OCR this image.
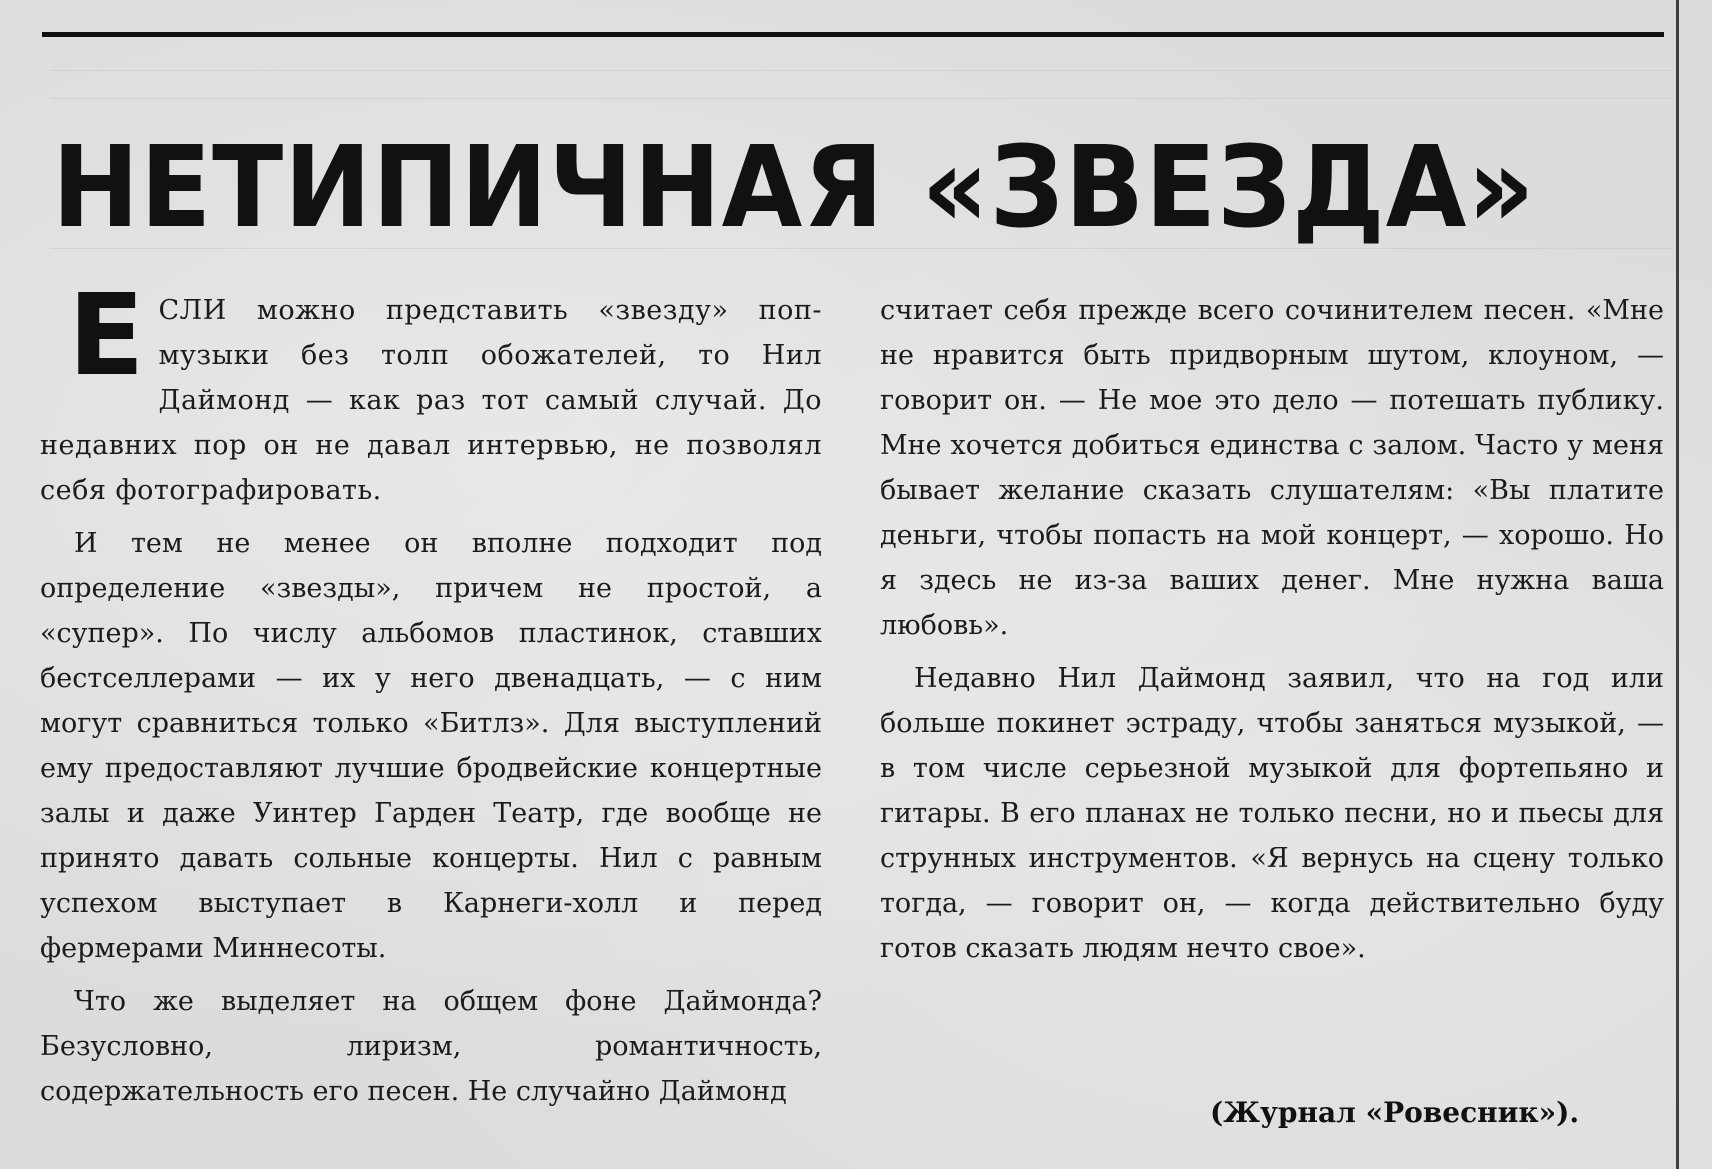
НЕТИПИЧНАЯ «ЗВЕЗДА»

Е СЛИ можно представить «звезду» поп-музыки без толп обожателей, то Нил Даймонд — как раз тот самый случай. До недавних пор он не давал интервью, не позволял себя фотографировать.

И тем не менее он вполне подходит под определение «звезды», причем не простой, а «супер». По числу альбомов пластинок, ставших бестселлерами — их у него двенадцать, — с ним могут сравниться только «Битлз». Для выступлений ему предоставляют лучшие бродвейские концертные залы и даже Уинтер Гарден Театр, где вообще не принято давать сольные концерты. Нил с равным успехом выступает в Карнеги-холл и перед фермерами Миннесоты.

Что же выделяет на общем фоне Даймонда? Безусловно, лиризм, романтичность, содержательность его песен. Не случайно Даймонд

считает себя прежде всего сочинителем песен. «Мне не нравится быть придворным шутом, клоуном, — говорит он. — Не мое это дело — потешать публику. Мне хочется добиться единства с залом. Часто у меня бывает желание сказать слушателям: «Вы платите деньги, чтобы попасть на мой концерт, — хорошо. Но я здесь не из-за ваших денег. Мне нужна ваша любовь».

Недавно Нил Даймонд заявил, что на год или больше покинет эстраду, чтобы заняться музыкой, — в том числе серьезной музыкой для фортепьяно и гитары. В его планах не только песни, но и пьесы для струнных инструментов. «Я вернусь на сцену только тогда, — говорит он, — когда действительно буду готов сказать людям нечто свое».

(Журнал «Ровесник»).
